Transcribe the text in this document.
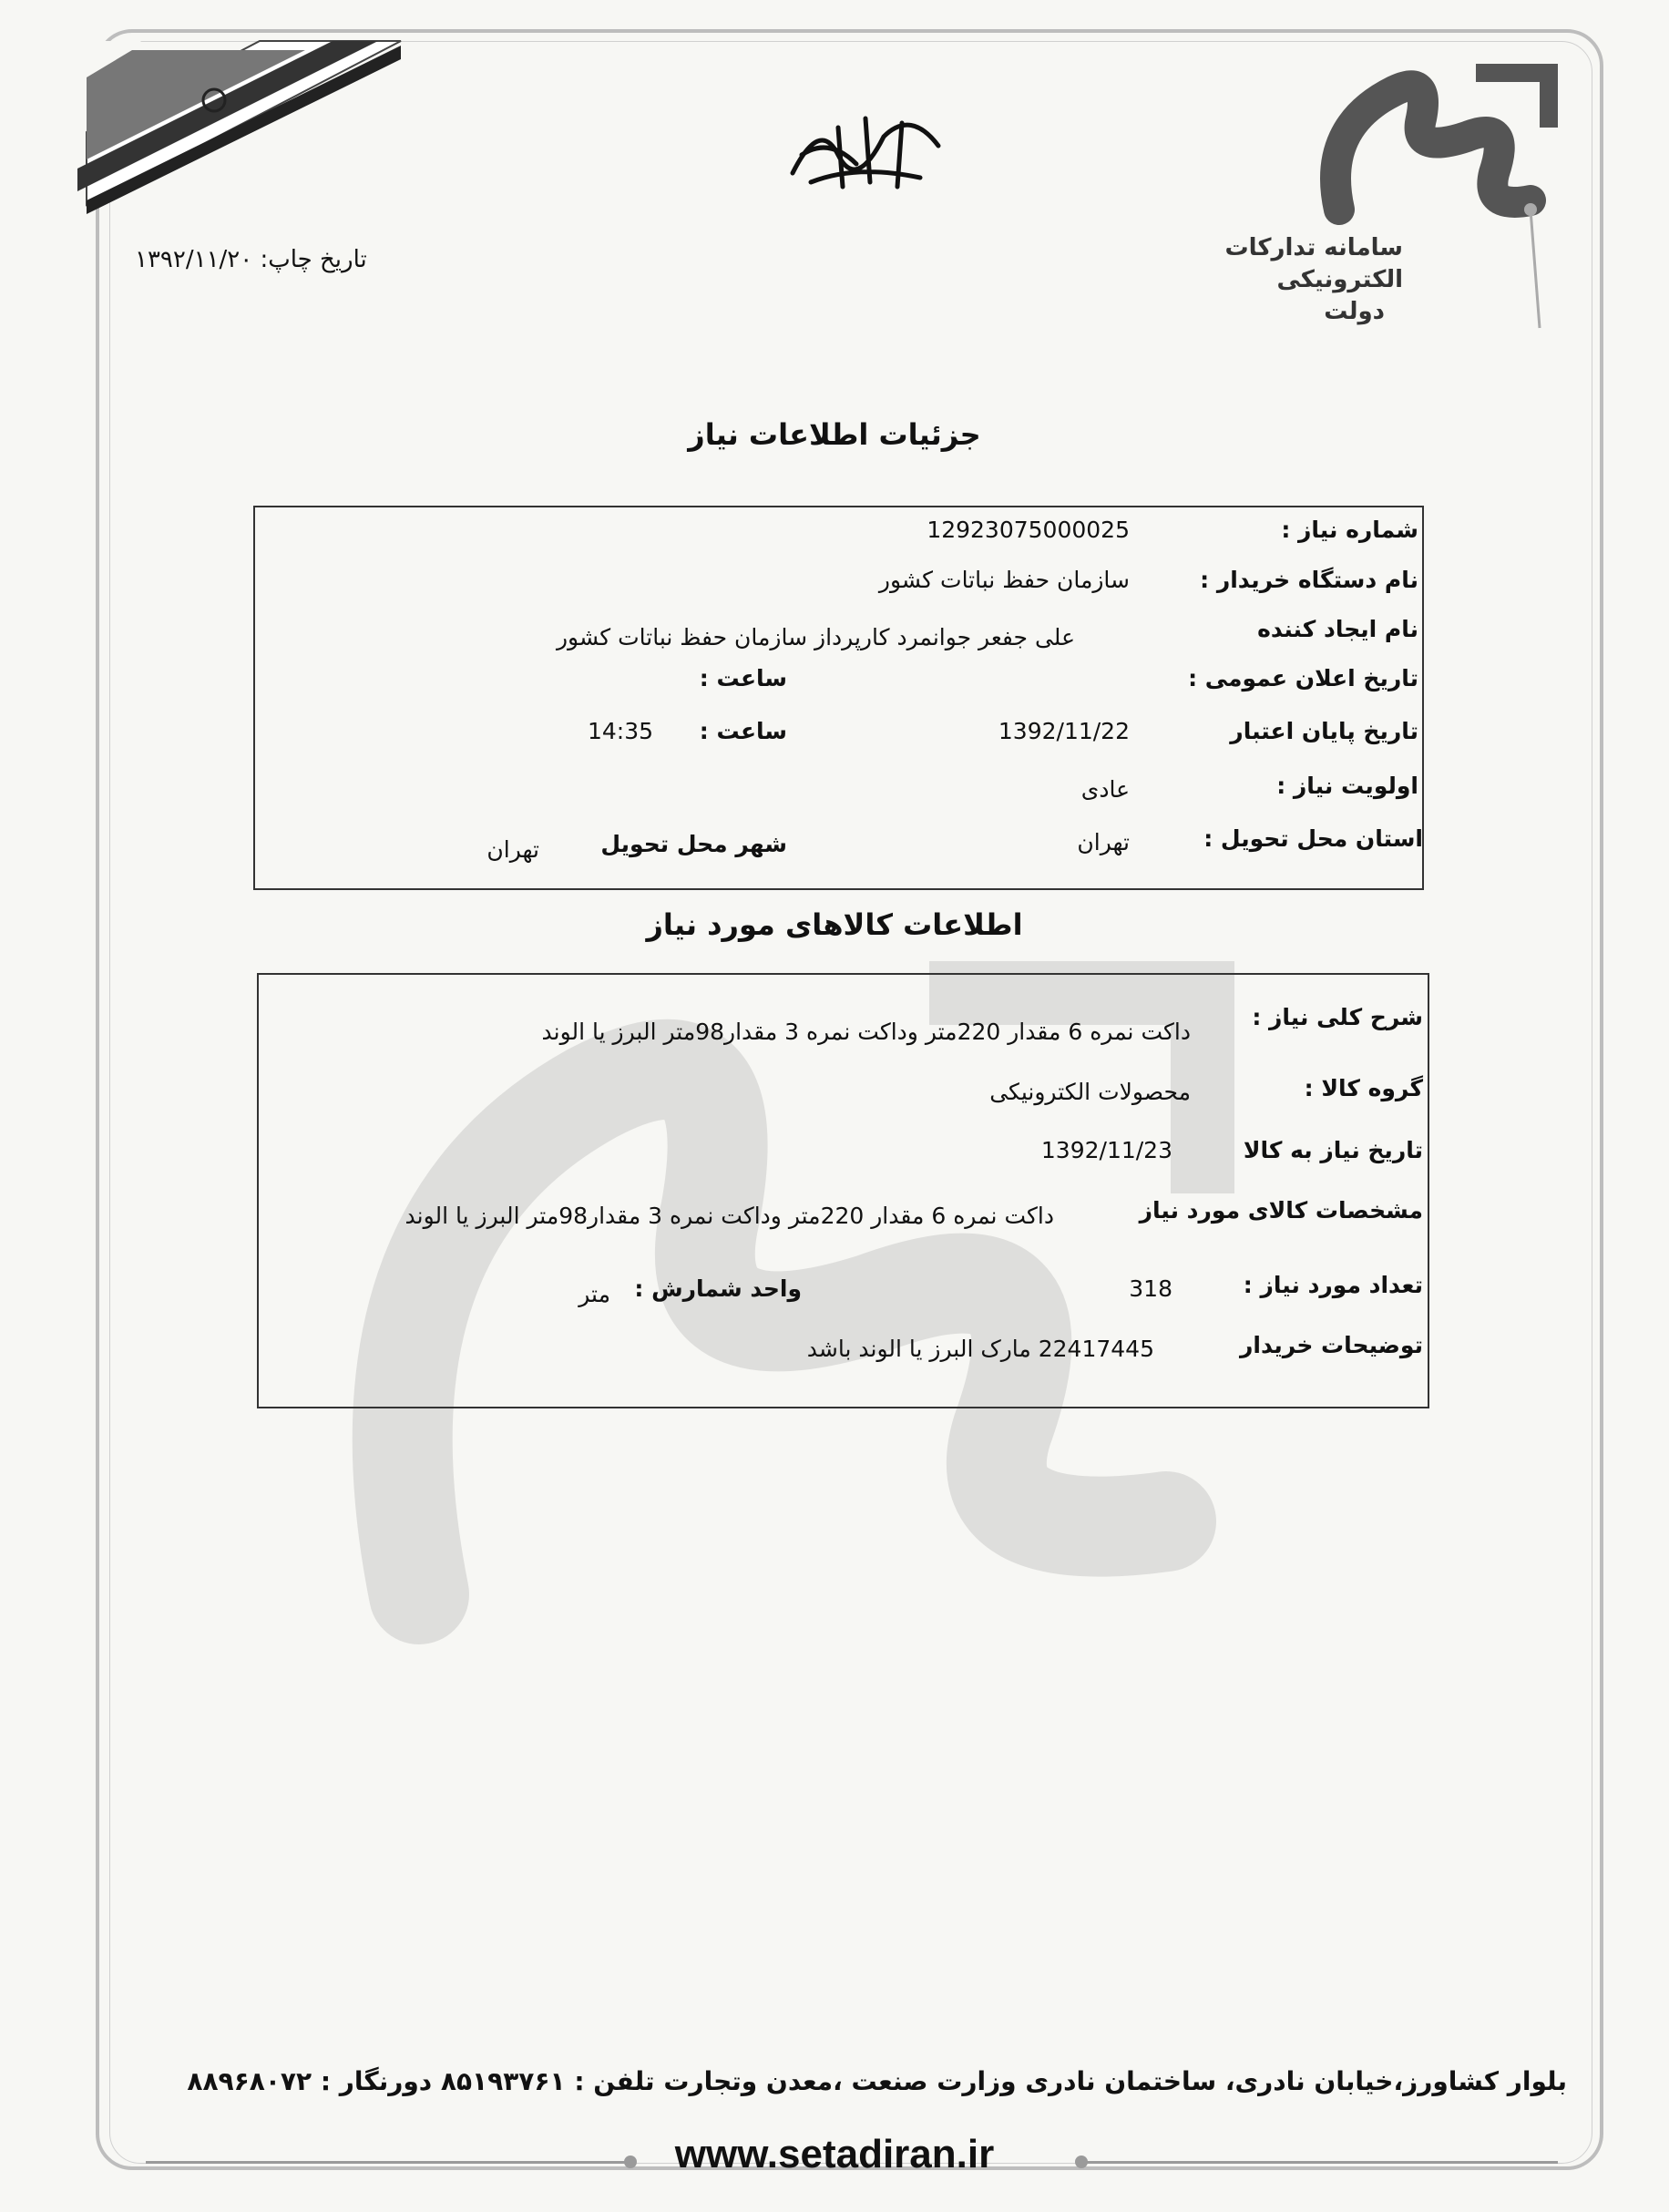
سامانه تدارکات
الکترونیکی
دولت
تاریخ چاپ: ۱۳۹۲/۱۱/۲۰
جزئیات اطلاعات نیاز
شماره نیاز :
12923075000025
نام دستگاه خریدار :
سازمان حفظ نباتات کشور
نام ایجاد کننده
علی جفعر جوانمرد کارپرداز سازمان حفظ نباتات کشور
تاریخ اعلان عمومی :
ساعت :
تاریخ پایان اعتبار
1392/11/22
ساعت :
14:35
اولویت نیاز :
عادی
استان محل تحویل :
تهران
شهر محل تحویل
تهران
اطلاعات کالاهای مورد نیاز
شرح کلی نیاز :
داکت نمره 6 مقدار 220متر وداکت نمره 3 مقدار98متر البرز یا الوند
گروه کالا :
محصولات الکترونیکی
تاریخ نیاز به کالا
1392/11/23
مشخصات کالای مورد نیاز
داکت نمره 6 مقدار 220متر وداکت نمره 3 مقدار98متر البرز یا الوند
تعداد مورد نیاز :
318
واحد شمارش :
متر
توضیحات خریدار
22417445 مارک البرز یا الوند باشد
بلوار کشاورز،خیابان نادری، ساختمان نادری وزارت صنعت ،معدن وتجارت تلفن : ۸۵۱۹۳۷۶۱ دورنگار : ۸۸۹۶۸۰۷۲
www.setadiran.ir
